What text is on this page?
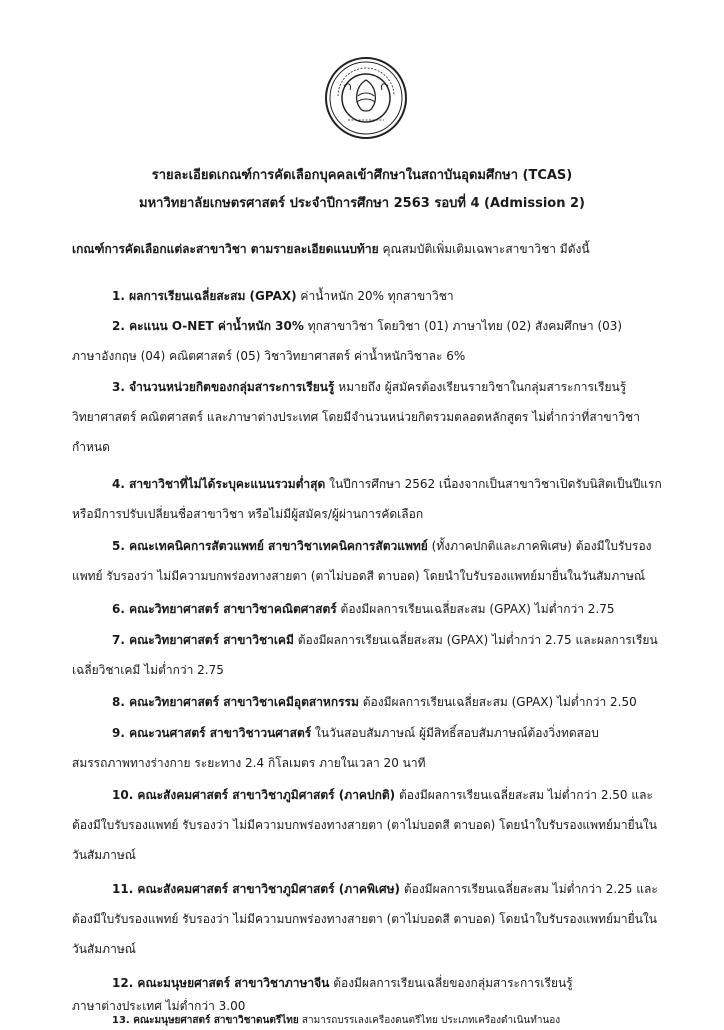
รายละเอียดเกณฑ์การคัดเลือกบุคคลเข้าศึกษาในสถาบันอุดมศึกษา (TCAS)
มหาวิทยาลัยเกษตรศาสตร์ ประจำปีการศึกษา 2563 รอบที่ 4 (Admission 2)
เกณฑ์การคัดเลือกแต่ละสาขาวิชา ตามรายละเอียดแนบท้าย คุณสมบัติเพิ่มเติมเฉพาะสาขาวิชา มีดังนี้
1. ผลการเรียนเฉลี่ยสะสม (GPAX) ค่าน้ำหนัก 20% ทุกสาขาวิชา
2. คะแนน O-NET ค่าน้ำหนัก 30% ทุกสาขาวิชา โดยวิชา (01) ภาษาไทย (02) สังคมศึกษา (03)
ภาษาอังกฤษ (04) คณิตศาสตร์ (05) วิชาวิทยาศาสตร์ ค่าน้ำหนักวิชาละ 6%
3. จำนวนหน่วยกิตของกลุ่มสาระการเรียนรู้ หมายถึง ผู้สมัครต้องเรียนรายวิชาในกลุ่มสาระการเรียนรู้
วิทยาศาสตร์ คณิตศาสตร์ และภาษาต่างประเทศ โดยมีจำนวนหน่วยกิตรวมตลอดหลักสูตร ไม่ต่ำกว่าที่สาขาวิชา
กำหนด
4. สาขาวิชาที่ไม่ได้ระบุคะแนนรวมต่ำสุด ในปีการศึกษา 2562 เนื่องจากเป็นสาขาวิชาเปิดรับนิสิตเป็นปีแรก
หรือมีการปรับเปลี่ยนชื่อสาขาวิชา หรือไม่มีผู้สมัคร/ผู้ผ่านการคัดเลือก
5. คณะเทคนิคการสัตวแพทย์ สาขาวิชาเทคนิคการสัตวแพทย์ (ทั้งภาคปกติและภาคพิเศษ) ต้องมีใบรับรอง
แพทย์ รับรองว่า ไม่มีความบกพร่องทางสายตา (ตาไม่บอดสี ตาบอด) โดยนำใบรับรองแพทย์มายื่นในวันสัมภาษณ์
6. คณะวิทยาศาสตร์ สาขาวิชาคณิตศาสตร์ ต้องมีผลการเรียนเฉลี่ยสะสม (GPAX) ไม่ต่ำกว่า 2.75
7. คณะวิทยาศาสตร์ สาขาวิชาเคมี ต้องมีผลการเรียนเฉลี่ยสะสม (GPAX) ไม่ต่ำกว่า 2.75 และผลการเรียน
เฉลี่ยวิชาเคมี ไม่ต่ำกว่า 2.75
8. คณะวิทยาศาสตร์ สาขาวิชาเคมีอุตสาหกรรม ต้องมีผลการเรียนเฉลี่ยสะสม (GPAX) ไม่ต่ำกว่า 2.50
9. คณะวนศาสตร์ สาขาวิชาวนศาสตร์ ในวันสอบสัมภาษณ์ ผู้มีสิทธิ์สอบสัมภาษณ์ต้องวิ่งทดสอบ
สมรรถภาพทางร่างกาย ระยะทาง 2.4 กิโลเมตร ภายในเวลา 20 นาที
10. คณะสังคมศาสตร์ สาขาวิชาภูมิศาสตร์ (ภาคปกติ) ต้องมีผลการเรียนเฉลี่ยสะสม ไม่ต่ำกว่า 2.50 และ
ต้องมีใบรับรองแพทย์ รับรองว่า ไม่มีความบกพร่องทางสายตา (ตาไม่บอดสี ตาบอด) โดยนำใบรับรองแพทย์มายื่นใน
วันสัมภาษณ์
11. คณะสังคมศาสตร์ สาขาวิชาภูมิศาสตร์ (ภาคพิเศษ) ต้องมีผลการเรียนเฉลี่ยสะสม ไม่ต่ำกว่า 2.25 และ
ต้องมีใบรับรองแพทย์ รับรองว่า ไม่มีความบกพร่องทางสายตา (ตาไม่บอดสี ตาบอด) โดยนำใบรับรองแพทย์มายื่นใน
วันสัมภาษณ์
12. คณะมนุษยศาสตร์ สาขาวิชาภาษาจีน ต้องมีผลการเรียนเฉลี่ยของกลุ่มสาระการเรียนรู้
ภาษาต่างประเทศ ไม่ต่ำกว่า 3.00
13. คณะมนุษยศาสตร์ สาขาวิชาดนตรีไทย สามารถบรรเลงเครื่องดนตรีไทย ประเภทเครื่องดำเนินทำนอง
